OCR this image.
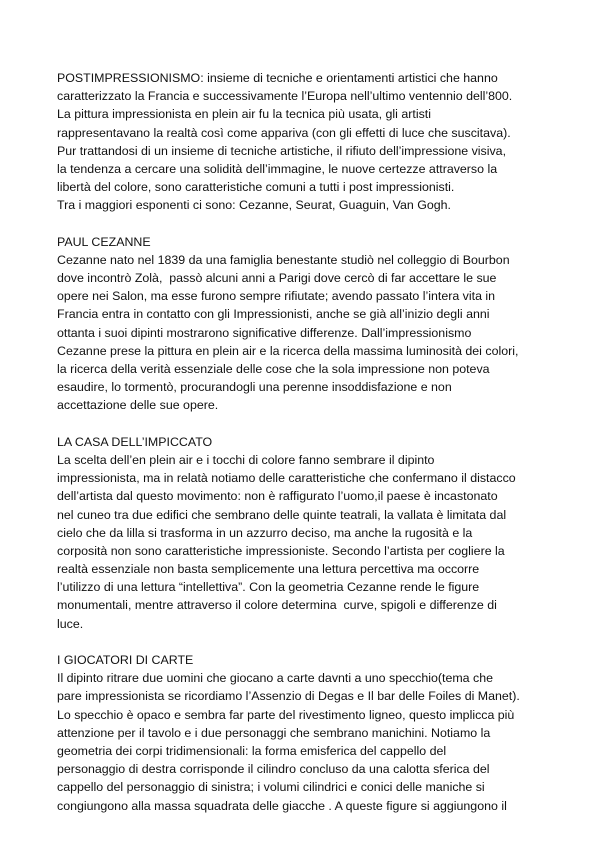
POSTIMPRESSIONISMO: insieme di tecniche e orientamenti artistici che hanno
caratterizzato la Francia e successivamente l’Europa nell’ultimo ventennio dell’800.
La pittura impressionista en plein air fu la tecnica più usata, gli artisti
rappresentavano la realtà così come appariva (con gli effetti di luce che suscitava).
Pur trattandosi di un insieme di tecniche artistiche, il rifiuto dell’impressione visiva,
la tendenza a cercare una solidità dell’immagine, le nuove certezze attraverso la
libertà del colore, sono caratteristiche comuni a tutti i post impressionisti.
Tra i maggiori esponenti ci sono: Cezanne, Seurat, Guaguin, Van Gogh.
PAUL CEZANNE
Cezanne nato nel 1839 da una famiglia benestante studiò nel colleggio di Bourbon
dove incontrò Zolà,  passò alcuni anni a Parigi dove cercò di far accettare le sue
opere nei Salon, ma esse furono sempre rifiutate; avendo passato l’intera vita in
Francia entra in contatto con gli Impressionisti, anche se già all’inizio degli anni
ottanta i suoi dipinti mostrarono significative differenze. Dall’impressionismo
Cezanne prese la pittura en plein air e la ricerca della massima luminosità dei colori,
la ricerca della verità essenziale delle cose che la sola impressione non poteva
esaudire, lo tormentò, procurandogli una perenne insoddisfazione e non
accettazione delle sue opere.
LA CASA DELL’IMPICCATO
La scelta dell’en plein air e i tocchi di colore fanno sembrare il dipinto
impressionista, ma in relatà notiamo delle caratteristiche che confermano il distacco
dell’artista dal questo movimento: non è raffigurato l’uomo,il paese è incastonato
nel cuneo tra due edifici che sembrano delle quinte teatrali, la vallata è limitata dal
cielo che da lilla si trasforma in un azzurro deciso, ma anche la rugosità e la
corposità non sono caratteristiche impressioniste. Secondo l’artista per cogliere la
realtà essenziale non basta semplicemente una lettura percettiva ma occorre
l’utilizzo di una lettura “intellettiva”. Con la geometria Cezanne rende le figure
monumentali, mentre attraverso il colore determina  curve, spigoli e differenze di
luce.
I GIOCATORI DI CARTE
Il dipinto ritrare due uomini che giocano a carte davnti a uno specchio(tema che
pare impressionista se ricordiamo l’Assenzio di Degas e Il bar delle Foiles di Manet).
Lo specchio è opaco e sembra far parte del rivestimento ligneo, questo implicca più
attenzione per il tavolo e i due personaggi che sembrano manichini. Notiamo la
geometria dei corpi tridimensionali: la forma emisferica del cappello del
personaggio di destra corrisponde il cilindro concluso da una calotta sferica del
cappello del personaggio di sinistra; i volumi cilindrici e conici delle maniche si
congiungono alla massa squadrata delle giacche . A queste figure si aggiungono il
